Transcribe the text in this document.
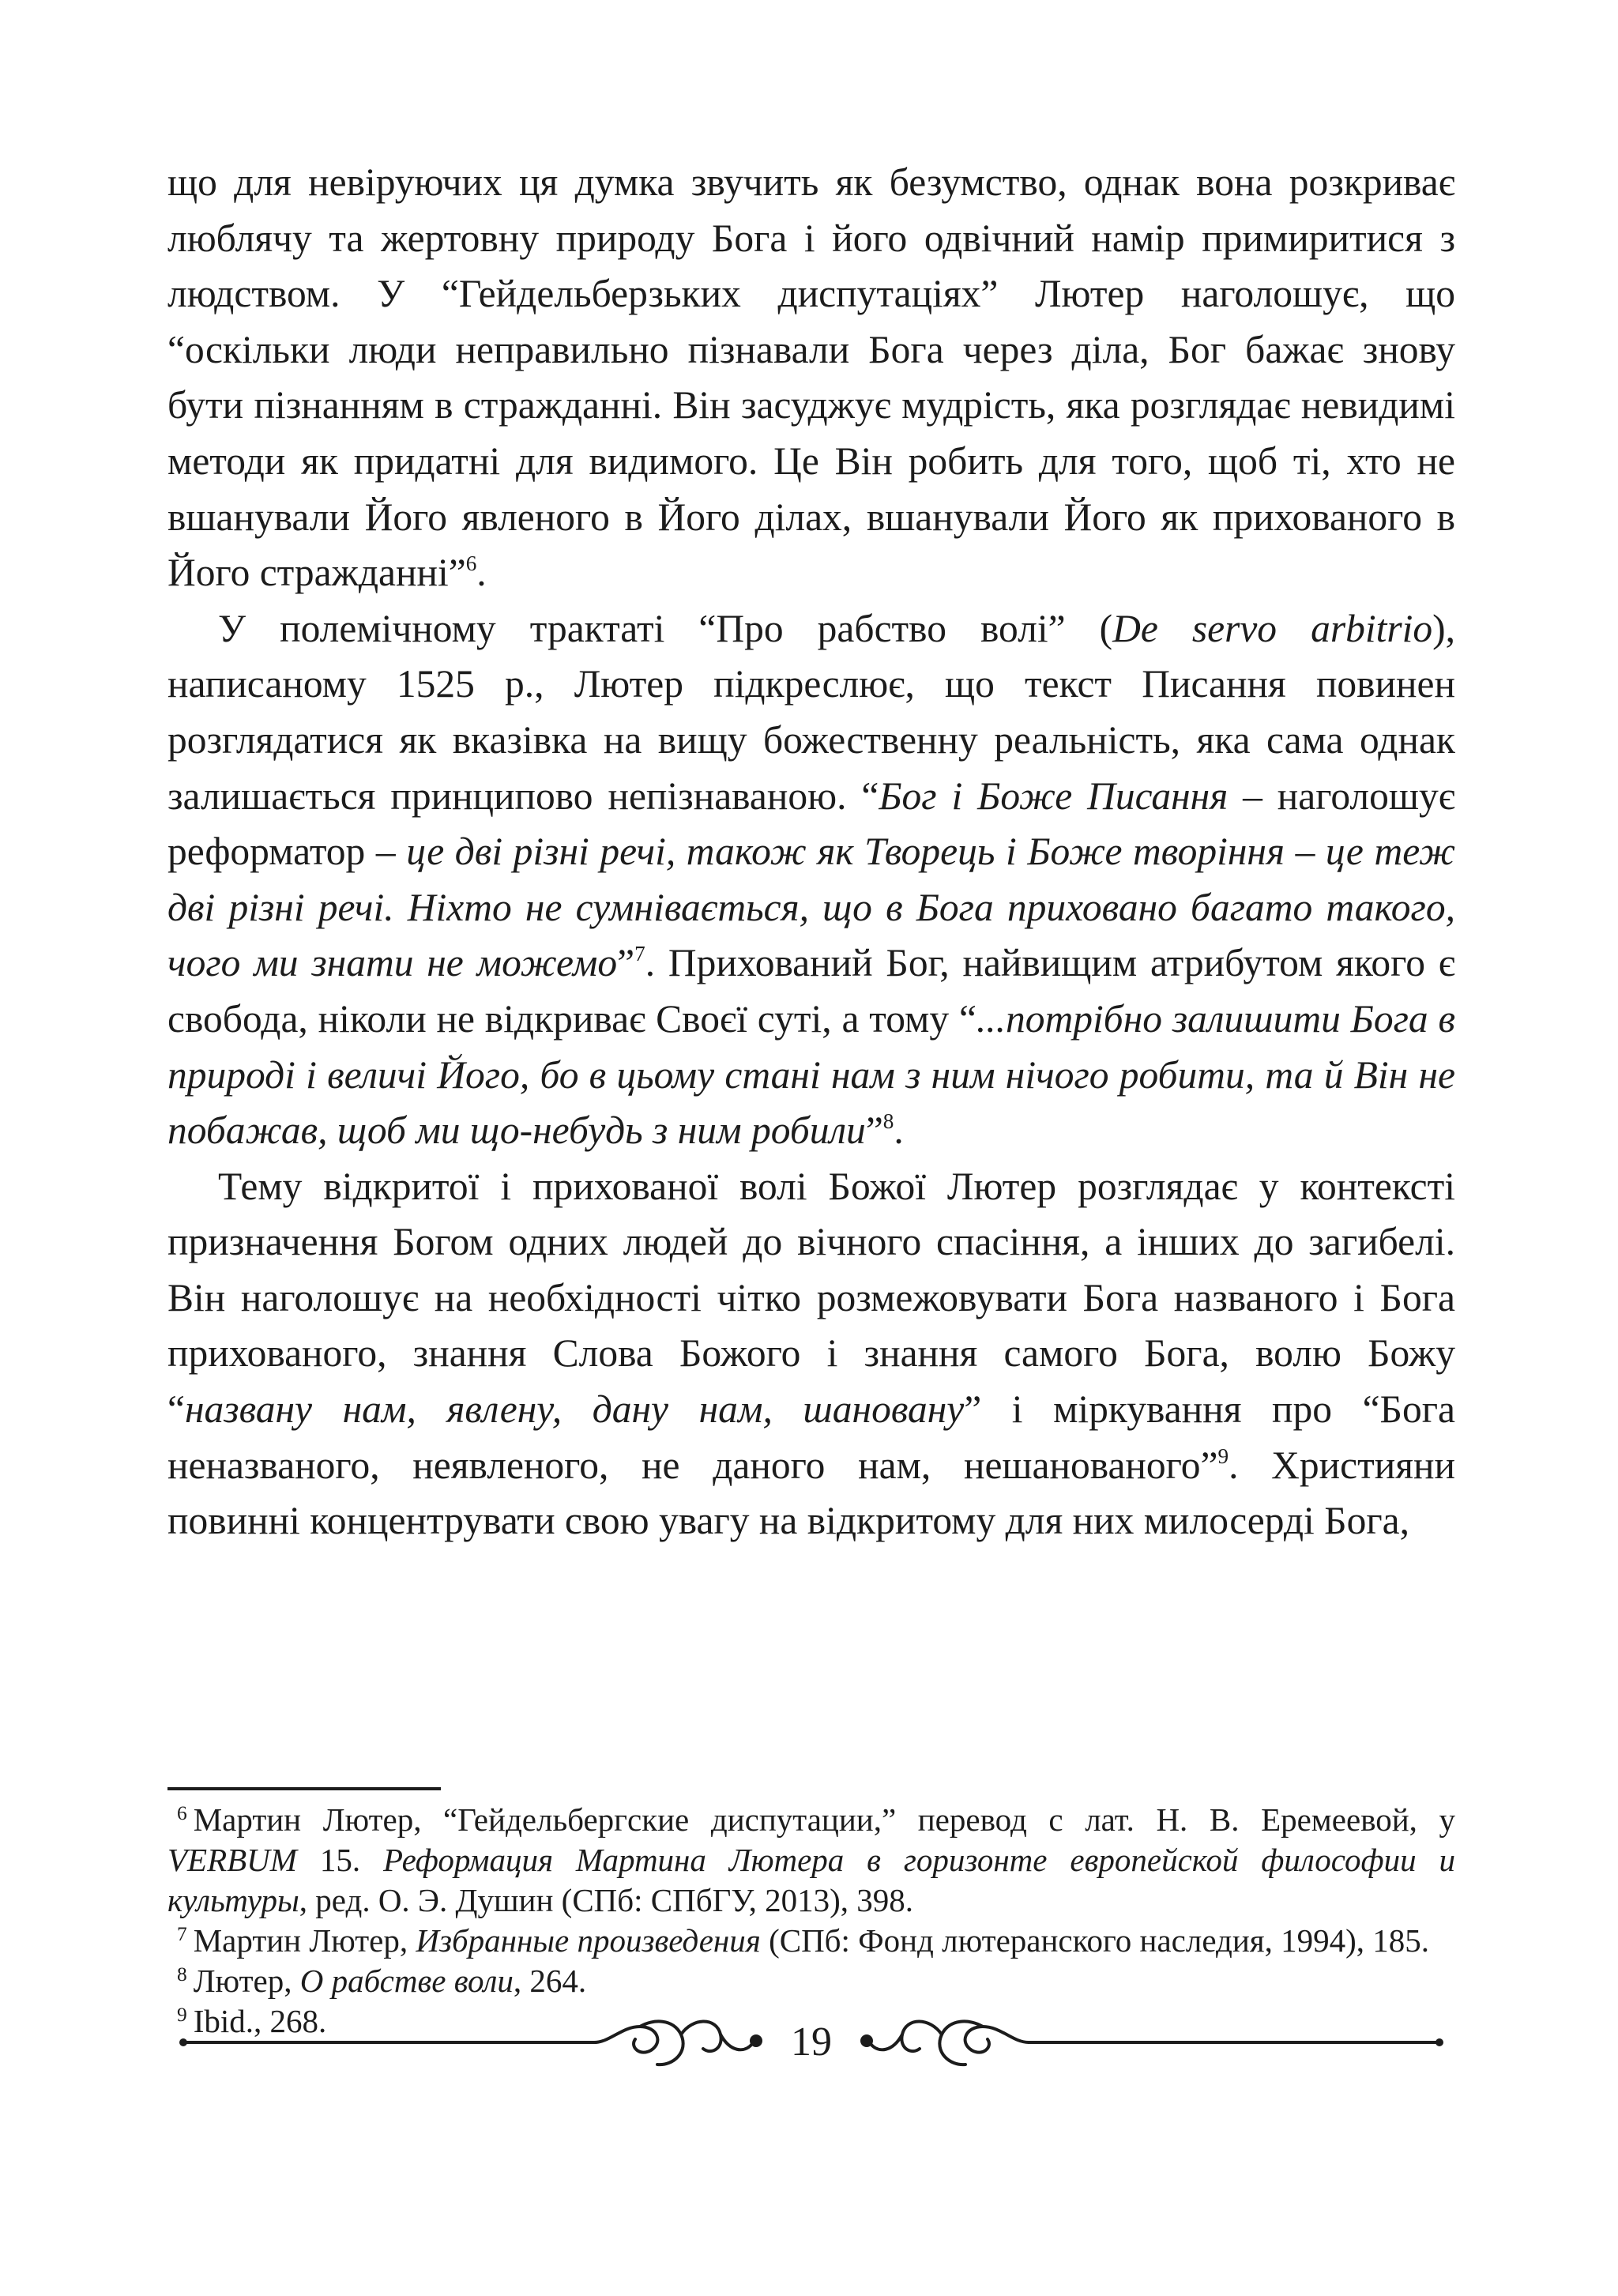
що для невіруючих ця думка звучить як безумство, однак вона розкриває люблячу та жертовну природу Бога і його одвічний намір примиритися з людством. У “Гейдельберзьких диспутаціях” Лютер наголошує, що “оскільки люди неправильно пізнавали Бога через діла, Бог бажає знову бути пізнанням в стражданні. Він засуджує мудрість, яка розглядає невидимі методи як придатні для видимого. Це Він робить для того, щоб ті, хто не вшанували Його явленого в Його ділах, вшанували Його як прихованого в Його стражданні”$^6$.

У полемічному трактаті “Про рабство волі” (De servo arbitrio), написаному 1525 р., Лютер підкреслює, що текст Писання повинен розглядатися як вказівка на вищу божественну реальність, яка сама однак залишається принципово непізнаваною. “Бог і Боже Писання – наголошує реформатор – це дві різні речі, також як Творець і Боже творіння – це теж дві різні речі. Ніхто не сумнівається, що в Бога приховано багато такого, чого ми знати не можемо”$^7$. Прихований Бог, найвищим атрибутом якого є свобода, ніколи не відкриває Своєї суті, а тому “...потрібно залишити Бога в природі і величі Його, бо в цьому стані нам з ним нічого робити, та й Він не побажав, щоб ми що-небудь з ним робили”$^8$.

Тему відкритої і прихованої волі Божої Лютер розглядає у контексті призначення Богом одних людей до вічного спасіння, а інших до загибелі. Він наголошує на необхідності чітко розмежовувати Бога названого і Бога прихованого, знання Слова Божого і знання самого Бога, волю Божу “названу нам, явлену, дану нам, шановану” і міркування про “Бога неназваного, неявленого, не даного нам, нешанованого”$^9$. Християни повинні концентрувати свою увагу на відкритому для них милосерді Бога,

$^6$ Мартин Лютер, “Гейдельбергские диспутации,” перевод с лат. Н. В. Еремеевой, у VERBUM 15. Реформация Мартина Лютера в горизонте европейской философии и культуры, ред. О. Э. Душин (СПб: СПбГУ, 2013), 398.

$^7$ Мартин Лютер, Избранные произведения (СПб: Фонд лютеранского наследия, 1994), 185.

$^8$ Лютер, О рабстве воли, 264.

$^9$ Ibid., 268.	19
